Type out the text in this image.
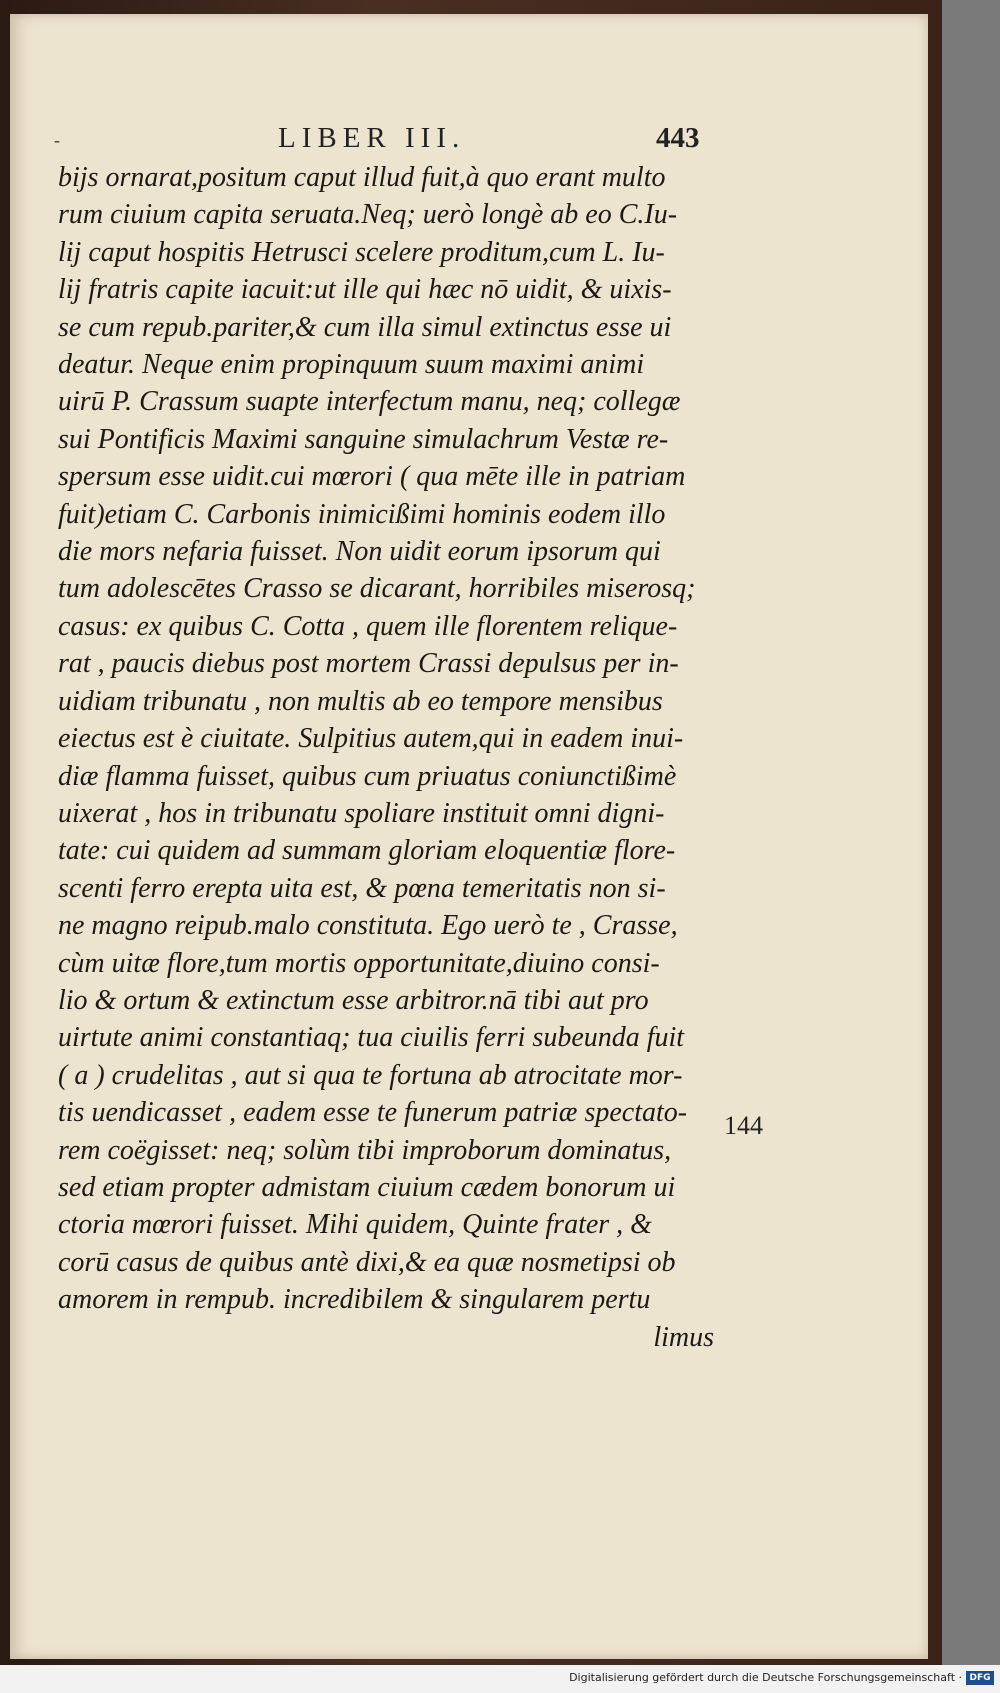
-	LIBER III.	443
bijs ornarat,positum caput illud fuit,à quo erant multo
rum ciuium capita seruata.Neq; uerò longè ab eo C.Iu-
lij caput hospitis Hetrusci scelere proditum,cum L. Iu-
lij fratris capite iacuit:ut ille qui hæc nō uidit, & uixis-
se cum repub.pariter,& cum illa simul extinctus esse ui
deatur. Neque enim propinquum suum maximi animi
uirū P. Crassum suapte interfectum manu, neq; collegæ
sui Pontificis Maximi sanguine simulachrum Vestæ re-
spersum esse uidit.cui mœrori ( qua mēte ille in patriam
fuit)etiam C. Carbonis inimicißimi hominis eodem illo
die mors nefaria fuisset. Non uidit eorum ipsorum qui
tum adolescētes Crasso se dicarant, horribiles miserosq;
casus: ex quibus C. Cotta , quem ille florentem relique-
rat , paucis diebus post mortem Crassi depulsus per in-
uidiam tribunatu , non multis ab eo tempore mensibus
eiectus est è ciuitate. Sulpitius autem,qui in eadem inui-
diæ flamma fuisset, quibus cum priuatus coniunctißimè
uixerat , hos in tribunatu spoliare instituit omni digni-
tate: cui quidem ad summam gloriam eloquentiæ flore-
scenti ferro erepta uita est, & pœna temeritatis non si-
ne magno reipub.malo constituta. Ego uerò te , Crasse,
cùm uitæ flore,tum mortis opportunitate,diuino consi-
lio & ortum & extinctum esse arbitror.nā tibi aut pro
uirtute animi constantiaq; tua ciuilis ferri subeunda fuit
( a ) crudelitas , aut si qua te fortuna ab atrocitate mor-
tis uendicasset , eadem esse te funerum patriæ spectato-
rem coëgisset: neq; solùm tibi improborum dominatus,
sed etiam propter admistam ciuium cædem bonorum ui
ctoria mœrori fuisset. Mihi quidem, Quinte frater , &
corū casus de quibus antè dixi,& ea quæ nosmetipsi ob
amorem in rempub. incredibilem & singularem pertu
limus
144
Digitalisierung gefördert durch die Deutsche Forschungsgemeinschaft · DFG
